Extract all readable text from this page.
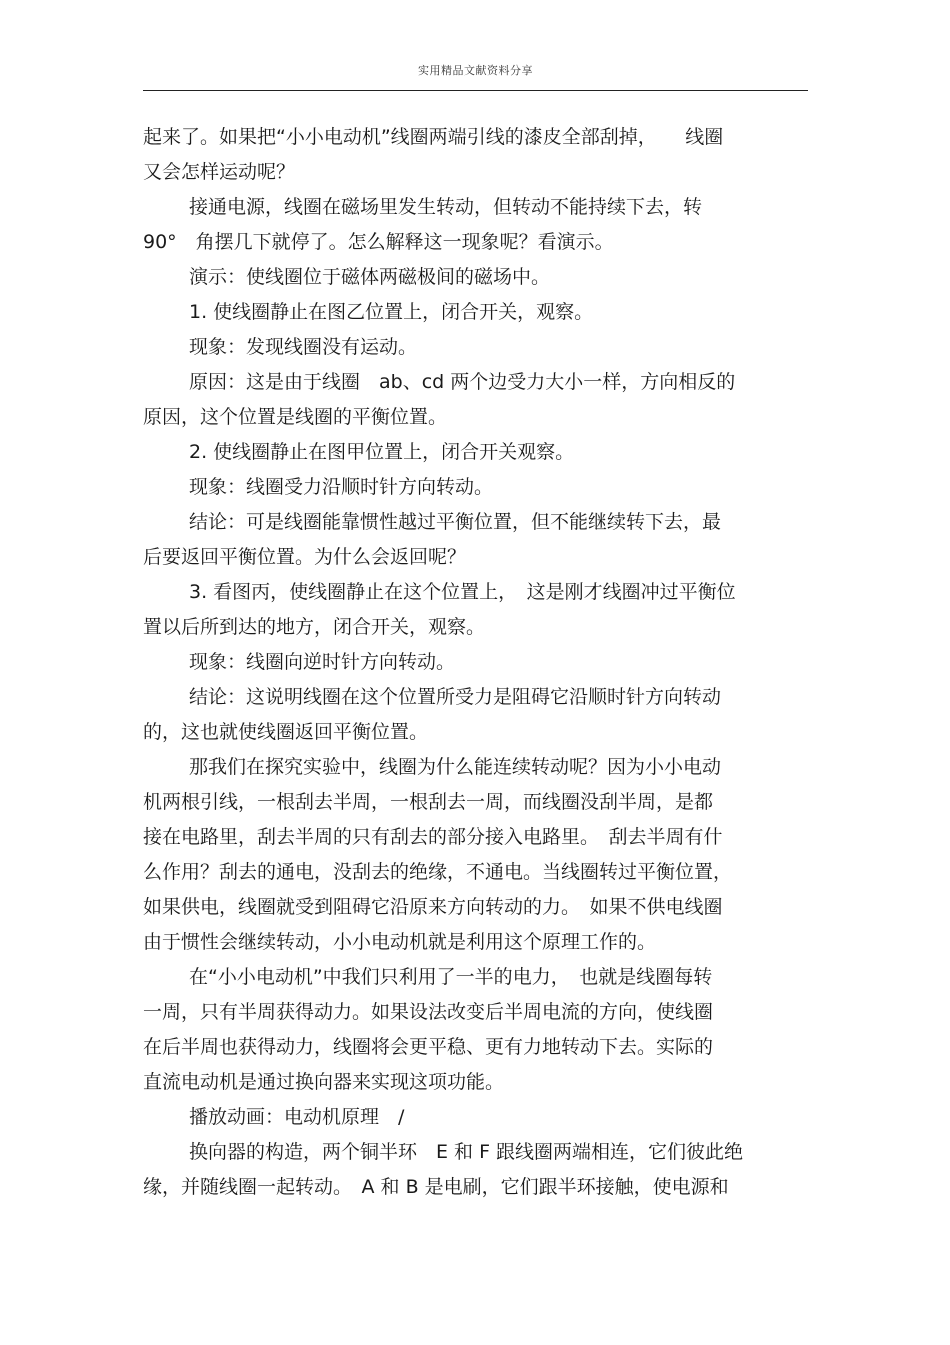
实用精品文献资料分享
起来了。如果把“小小电动机”线圈两端引线的漆皮全部刮掉，　　线圈
又会怎样运动呢？
接通电源，线圈在磁场里发生转动，但转动不能持续下去，转
90°　角摆几下就停了。怎么解释这一现象呢？看演示。
演示：使线圈位于磁体两磁极间的磁场中。
1. 使线圈静止在图乙位置上，闭合开关，观察。
现象：发现线圈没有运动。
原因：这是由于线圈　ab、cd 两个边受力大小一样，方向相反的
原因，这个位置是线圈的平衡位置。
2. 使线圈静止在图甲位置上，闭合开关观察。
现象：线圈受力沿顺时针方向转动。
结论：可是线圈能靠惯性越过平衡位置，但不能继续转下去，最
后要返回平衡位置。为什么会返回呢？
3. 看图丙，使线圈静止在这个位置上，　这是刚才线圈冲过平衡位
置以后所到达的地方，闭合开关，观察。
现象：线圈向逆时针方向转动。
结论：这说明线圈在这个位置所受力是阻碍它沿顺时针方向转动
的，这也就使线圈返回平衡位置。
那我们在探究实验中，线圈为什么能连续转动呢？因为小小电动
机两根引线，一根刮去半周，一根刮去一周，而线圈没刮半周，是都
接在电路里，刮去半周的只有刮去的部分接入电路里。　刮去半周有什
么作用？刮去的通电，没刮去的绝缘，不通电。当线圈转过平衡位置，
如果供电，线圈就受到阻碍它沿原来方向转动的力。　如果不供电线圈
由于惯性会继续转动，小小电动机就是利用这个原理工作的。
在“小小电动机”中我们只利用了一半的电力，　也就是线圈每转
一周，只有半周获得动力。如果设法改变后半周电流的方向，使线圈
在后半周也获得动力，线圈将会更平稳、更有力地转动下去。实际的
直流电动机是通过换向器来实现这项功能。
播放动画：电动机原理　/
换向器的构造，两个铜半环　E 和 F 跟线圈两端相连，它们彼此绝
缘，并随线圈一起转动。　A 和 B 是电刷，它们跟半环接触，使电源和
